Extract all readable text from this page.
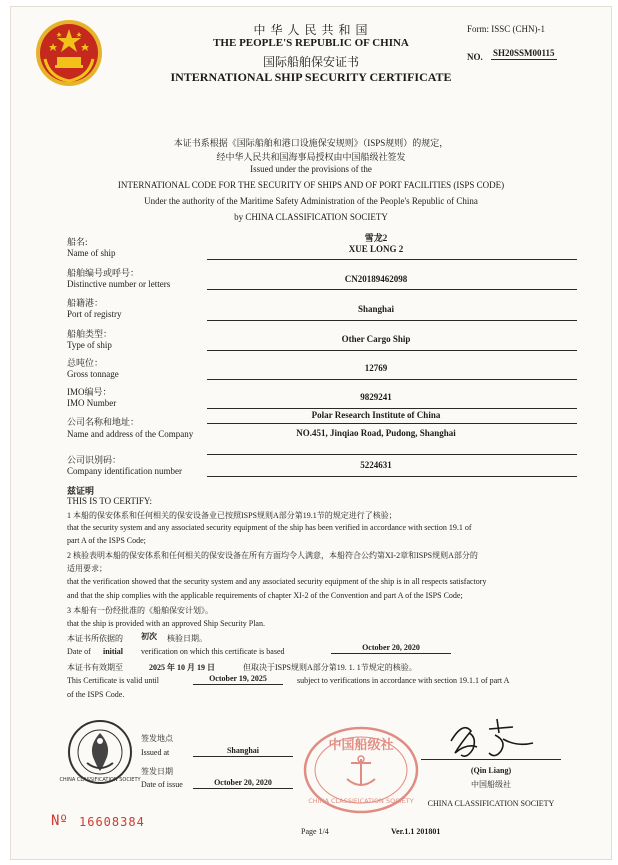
中 华 人 民 共 和 国
THE PEOPLE'S REPUBLIC OF CHINA
国际船舶保安证书
INTERNATIONAL SHIP SECURITY CERTIFICATE
Form: ISSC (CHN)-1
NO. SH20SSM00115
本证书系根据《国际船舶和港口设施保安规则》（ISPS规则）的规定，
经中华人民共和国海事局授权由中国船级社签发
Issued under the provisions of the
INTERNATIONAL CODE FOR THE SECURITY OF SHIPS AND OF PORT FACILITIES (ISPS CODE)
Under the authority of the Maritime Safety Administration of the People's Republic of China
by CHINA CLASSIFICATION SOCIETY
船名:
Name of ship
雪龙2
XUE LONG 2
船舶编号或呼号：
Distinctive number or letters	CN20189462098
船籍港：
Port of registry	Shanghai
船舶类型：
Type of ship
Other Cargo Ship
总吨位：
Gross tonnage
12769
IMO编号：
IMO Number
9829241
公司名称和地址：
Name and address of the Company
Polar Research Institute of China
NO.451, Jinqiao Road, Pudong, Shanghai
公司识别码：
Company identification number
5224631
兹证明
THIS IS TO CERTIFY:
1 本船的保安体系和任何相关的保安设备业已按照ISPS规则A部分第19.1节的规定进行了核验；
that the security system and any associated security equipment of the ship has been verified in accordance with section 19.1 of
part A of the ISPS Code;
2 核验表明本船的保安体系和任何相关的保安设备在所有方面均令人满意，本船符合公约第XI-2章和ISPS规则A部分的
适用要求；
that the verification showed that the security system and any associated security equipment of the ship is in all respects satisfactory
and that the ship complies with the applicable requirements of chapter XI-2 of the Convention and part A of the ISPS Code;
3 本船有一份经批准的《船舶保安计划》。
that the ship is provided with an approved Ship Security Plan.
本证书所依据的 初次 核验日期。
Date of initial verification on which this certificate is based	October 20, 2020
本证书有效期至	2025 年 10 月 19 日	但取决于ISPS规则A部分第19. 1. 1节规定的核验。
This Certificate is valid until	October 19, 2025	subject to verifications in accordance with section 19.1.1 of part A
of the ISPS Code.
CHINA CLASSIFICATION SOCIETY
签发地点
Issued at	Shanghai
签发日期
Date of issue	October 20, 2020
中国船级社
CHINA CLASSIFICATION SOCIETY
(Qin Liang)
中国船级社
CHINA CLASSIFICATION SOCIETY
Nº 16608384
Page 1/4	Ver.1.1 201801
